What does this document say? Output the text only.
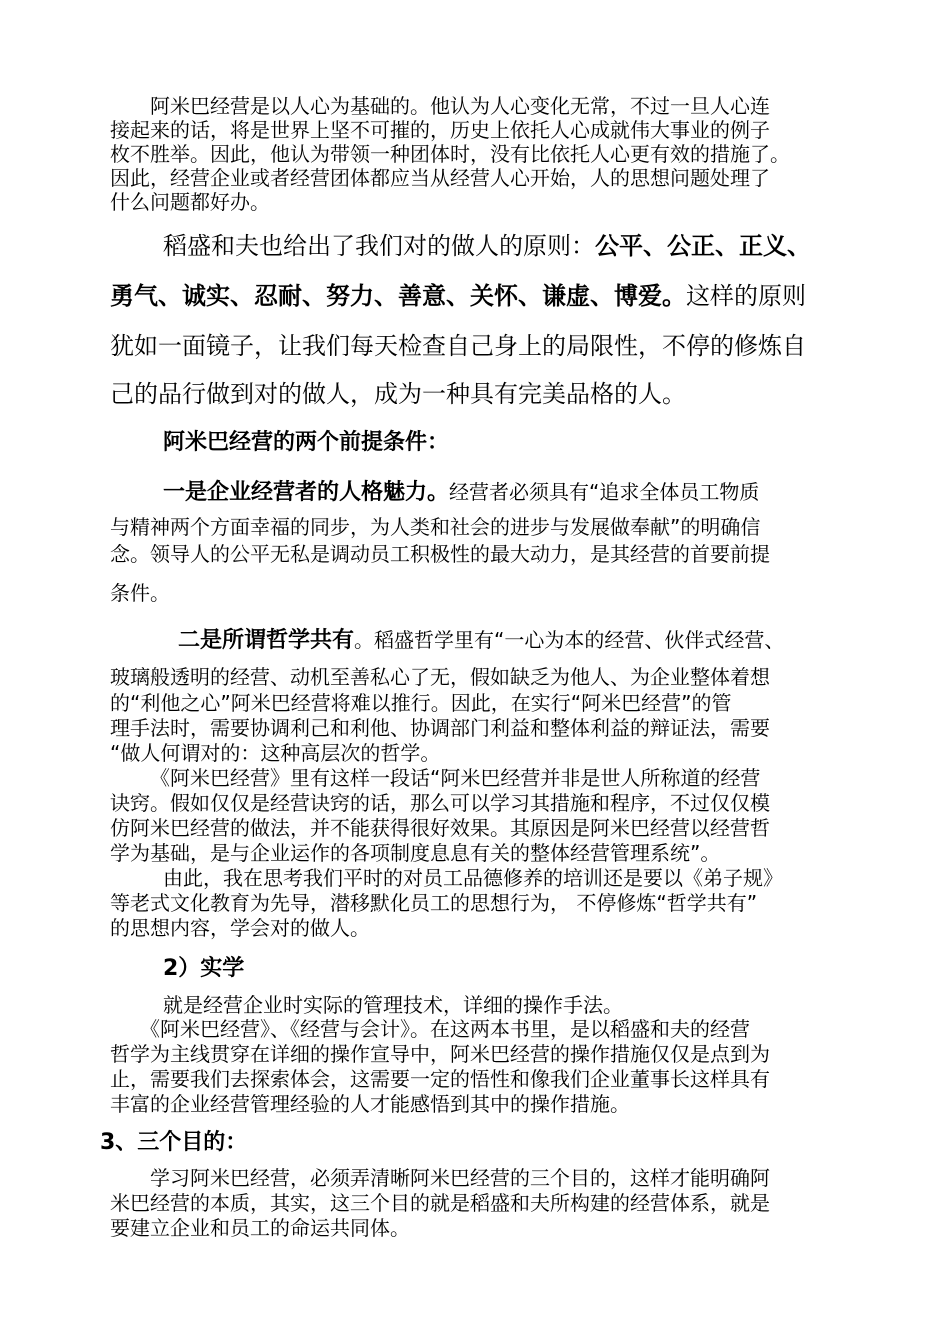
阿米巴经营是以人心为基础的。他认为人心变化无常，不过一旦人心连
接起来的话，将是世界上坚不可摧的，历史上依托人心成就伟大事业的例子
枚不胜举。因此，他认为带领一种团体时，没有比依托人心更有效的措施了。
因此，经营企业或者经营团体都应当从经营人心开始，人的思想问题处理了
什么问题都好办。
稻盛和夫也给出了我们对的做人的原则：公平、公正、正义、
勇气、诚实、忍耐、努力、善意、关怀、谦虚、博爱。这样的原则
犹如一面镜子，让我们每天检查自己身上的局限性，不停的修炼自
己的品行做到对的做人，成为一种具有完美品格的人。
阿米巴经营的两个前提条件：
一是企业经营者的人格魅力。经营者必须具有“追求全体员工物质
与精神两个方面幸福的同步，为人类和社会的进步与发展做奉献”的明确信
念。领导人的公平无私是调动员工积极性的最大动力，是其经营的首要前提
条件。
二是所谓哲学共有。稻盛哲学里有“一心为本的经营、伙伴式经营、
玻璃般透明的经营、动机至善私心了无，假如缺乏为他人、为企业整体着想
的“利他之心”阿米巴经营将难以推行。因此，在实行“阿米巴经营”的管
理手法时，需要协调利己和利他、协调部门利益和整体利益的辩证法，需要
“做人何谓对的：这种高层次的哲学。
《阿米巴经营》里有这样一段话“阿米巴经营并非是世人所称道的经营
诀窍。假如仅仅是经营诀窍的话，那么可以学习其措施和程序，不过仅仅模
仿阿米巴经营的做法，并不能获得很好效果。其原因是阿米巴经营以经营哲
学为基础，是与企业运作的各项制度息息有关的整体经营管理系统”。
由此，我在思考我们平时的对员工品德修养的培训还是要以《弟子规》
等老式文化教育为先导，潜移默化员工的思想行为， 不停修炼“哲学共有”
的思想内容，学会对的做人。
2）实学
就是经营企业时实际的管理技术，详细的操作手法。
《阿米巴经营》、《经营与会计》。在这两本书里，是以稻盛和夫的经营
哲学为主线贯穿在详细的操作宣导中，阿米巴经营的操作措施仅仅是点到为
止，需要我们去探索体会，这需要一定的悟性和像我们企业董事长这样具有
丰富的企业经营管理经验的人才能感悟到其中的操作措施。
3、三个目的：
学习阿米巴经营，必须弄清晰阿米巴经营的三个目的，这样才能明确阿
米巴经营的本质，其实，这三个目的就是稻盛和夫所构建的经营体系，就是
要建立企业和员工的命运共同体。
